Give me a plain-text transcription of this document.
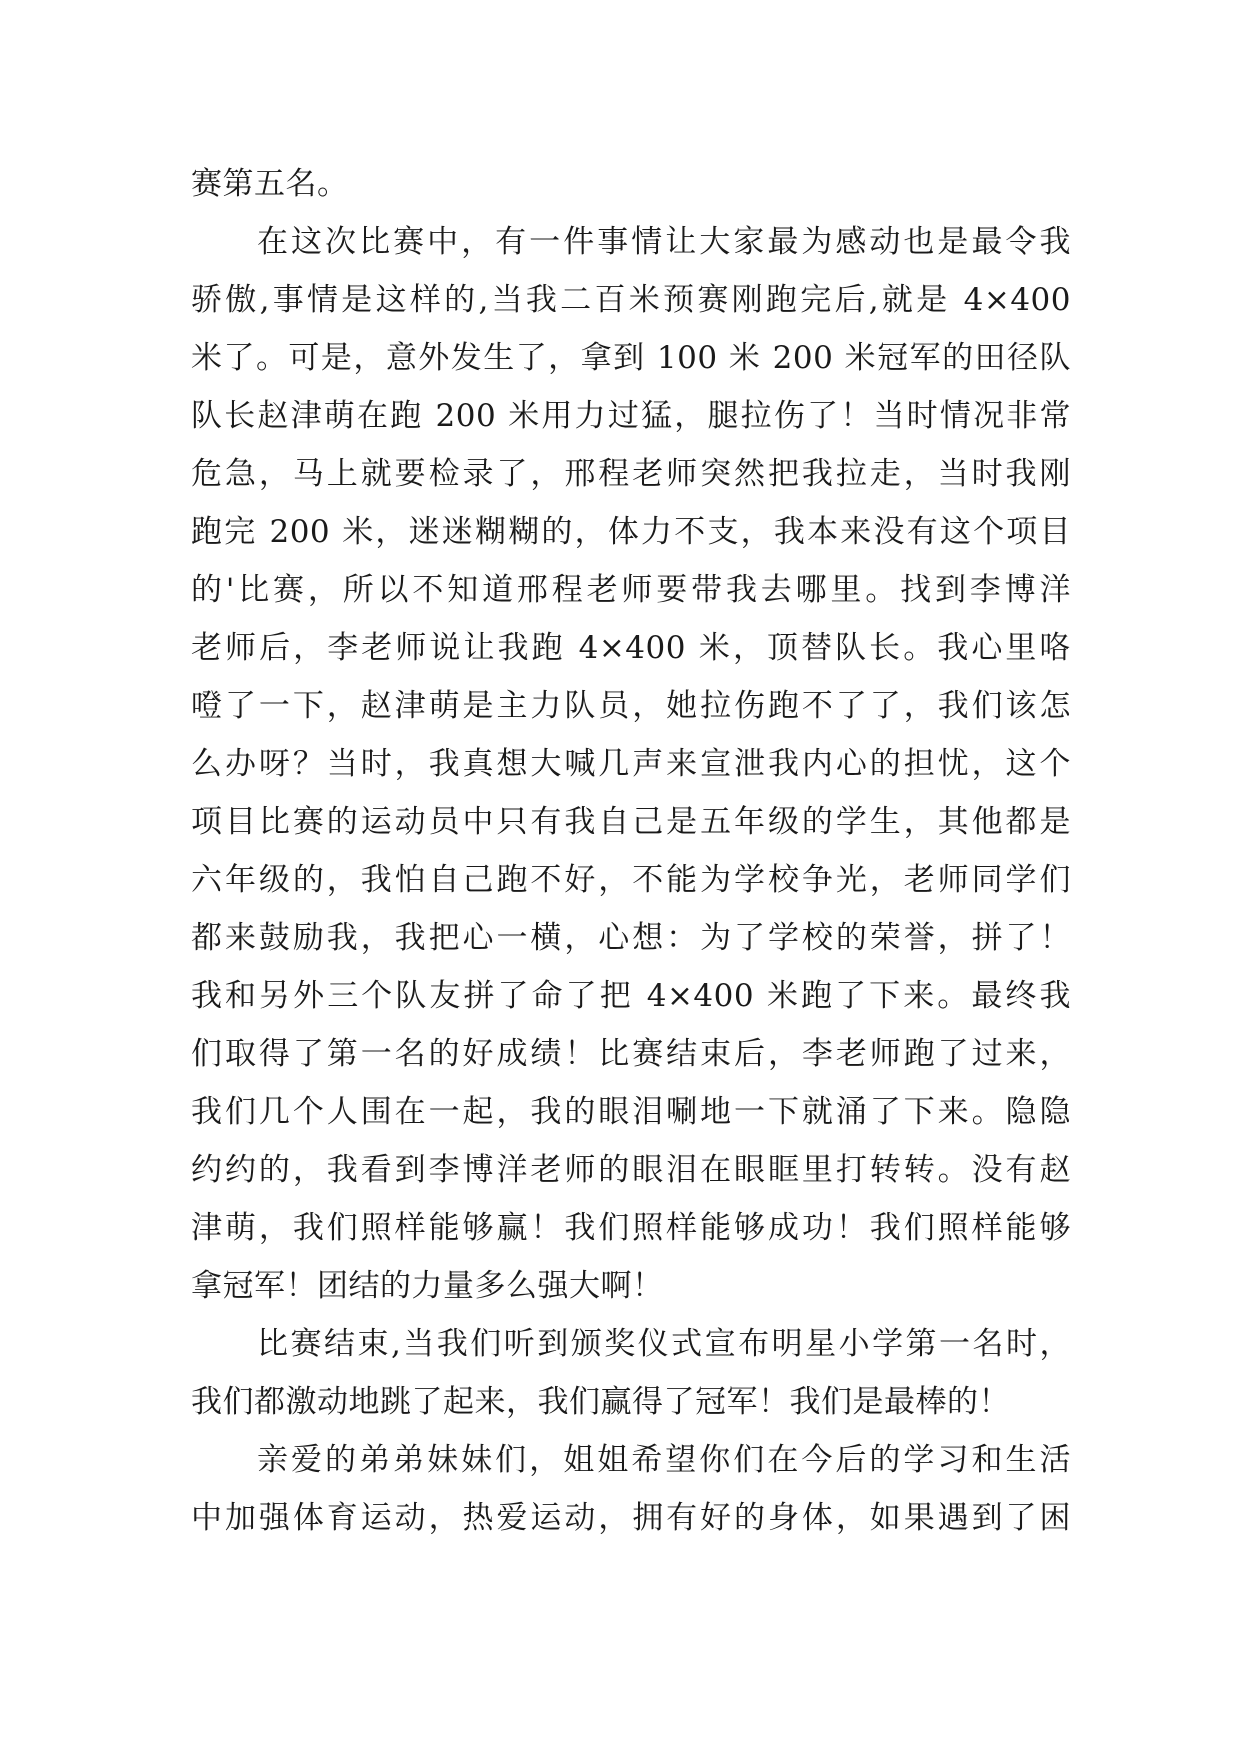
赛第五名。
在这次比赛中，有一件事情让大家最为感动也是最令我
骄傲,事情是这样的,当我二百米预赛刚跑完后,就是 4×400
米了。可是，意外发生了，拿到 100 米 200 米冠军的田径队
队长赵津萌在跑 200 米用力过猛，腿拉伤了！当时情况非常
危急，马上就要检录了，邢程老师突然把我拉走，当时我刚
跑完 200 米，迷迷糊糊的，体力不支，我本来没有这个项目
的'比赛，所以不知道邢程老师要带我去哪里。找到李博洋
老师后，李老师说让我跑 4×400 米，顶替队长。我心里咯
噔了一下，赵津萌是主力队员，她拉伤跑不了了，我们该怎
么办呀？当时，我真想大喊几声来宣泄我内心的担忧，这个
项目比赛的运动员中只有我自己是五年级的学生，其他都是
六年级的，我怕自己跑不好，不能为学校争光，老师同学们
都来鼓励我，我把心一横，心想：为了学校的荣誉，拼了！
我和另外三个队友拼了命了把 4×400 米跑了下来。最终我
们取得了第一名的好成绩！比赛结束后，李老师跑了过来，
我们几个人围在一起，我的眼泪唰地一下就涌了下来。隐隐
约约的，我看到李博洋老师的眼泪在眼眶里打转转。没有赵
津萌，我们照样能够赢！我们照样能够成功！我们照样能够
拿冠军！团结的力量多么强大啊！
比赛结束,当我们听到颁奖仪式宣布明星小学第一名时，
我们都激动地跳了起来，我们赢得了冠军！我们是最棒的！
亲爱的弟弟妹妹们，姐姐希望你们在今后的学习和生活
中加强体育运动，热爱运动，拥有好的身体，如果遇到了困
